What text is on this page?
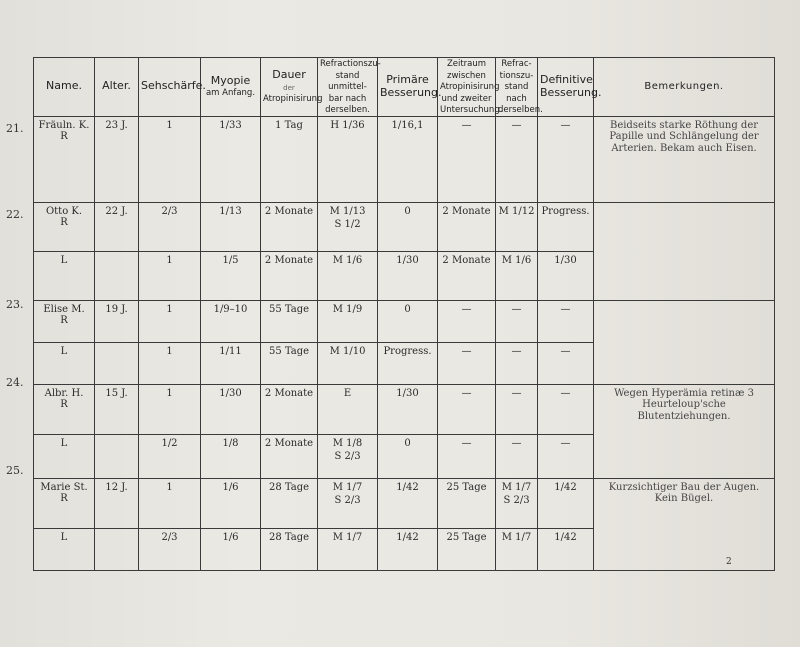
21.
22.
23.
24.
25.
Name.	Alter.	Sehschärfe.	Myopie
am Anfang.	Dauer
der
Atropinisirung	Refractionszu-
stand unmittel-
bar nach
derselben.	Primäre
Besserung.	Zeitraum
zwischen
Atropinisirung
und zweiter
Untersuchung.	Refrac-
tionszu-
stand nach
derselben.	Definitive
Besserung.	Bemerkungen.
Fräuln. K.
R	23 J.	1	1/33	1 Tag	H 1/36	1/16,1	—	—	—	Beidseits starke Röthung der Papille und Schlängelung der Arterien. Bekam auch Eisen.
Otto K.
R	22 J.	2/3	1/13	2 Monate	M 1/13
S 1/2	0	2 Monate	M 1/12	Progress.	

L		1	1/5	2 Monate	M 1/6	1/30	2 Monate	M 1/6	1/30	
Elise M.
R	19 J.	1	1/9–10	55 Tage	M 1/9	0	—	—	—	

L		1	1/11	55 Tage	M 1/10	Progress.	—	—	—	
Albr. H.
R	15 J.	1	1/30	2 Monate	E	1/30	—	—	—	Wegen Hyperämia retinæ 3 Heurteloup'sche Blutentziehungen.

L		1/2	1/8	2 Monate	M 1/8
S 2/3	0	—	—	—	
Marie St.
R	12 J.	1	1/6	28 Tage	M 1/7
S 2/3	1/42	25 Tage	M 1/7
S 2/3	1/42	Kurzsichtiger Bau der Augen. Kein Bügel.

L		2/3	1/6	28 Tage	M 1/7	1/42	25 Tage	M 1/7	1/42	
2
